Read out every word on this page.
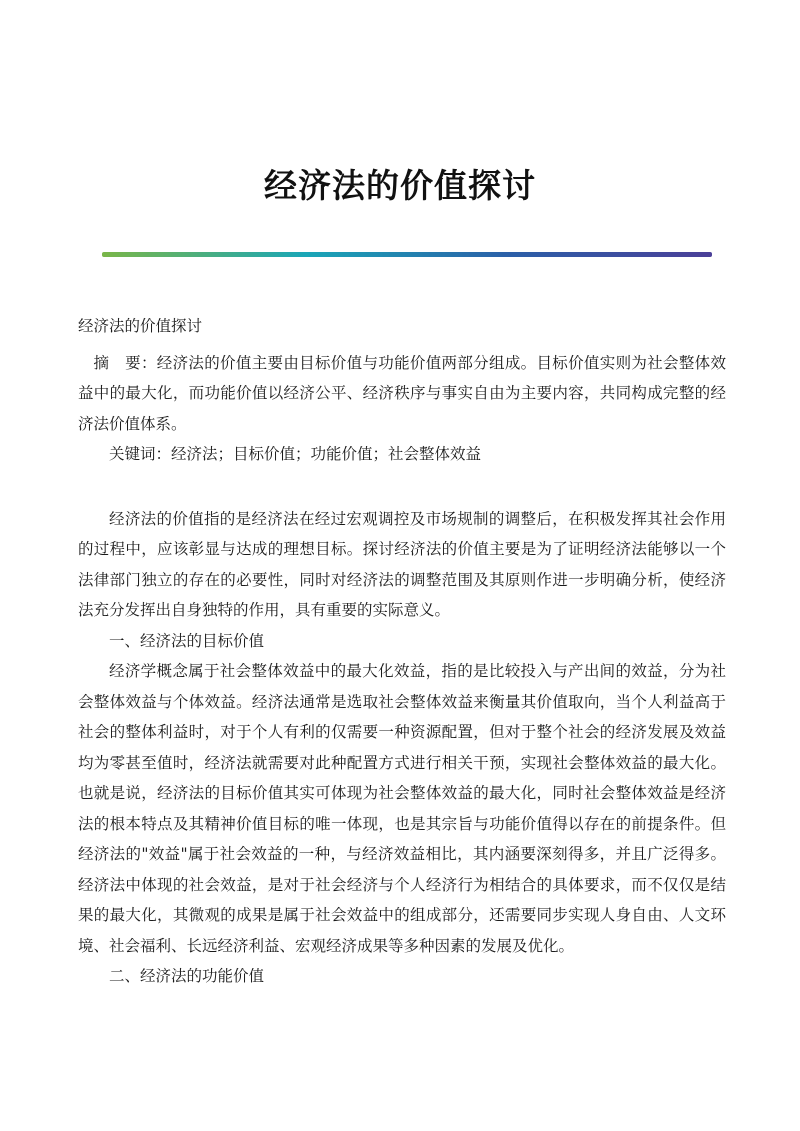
经济法的价值探讨

经济法的价值探讨

摘　要：经济法的价值主要由目标价值与功能价值两部分组成。目标价值实则为社会整体效益中的最大化，而功能价值以经济公平、经济秩序与事实自由为主要内容，共同构成完整的经济法价值体系。

关键词：经济法；目标价值；功能价值；社会整体效益

经济法的价值指的是经济法在经过宏观调控及市场规制的调整后，在积极发挥其社会作用的过程中，应该彰显与达成的理想目标。探讨经济法的价值主要是为了证明经济法能够以一个法律部门独立的存在的必要性，同时对经济法的调整范围及其原则作进一步明确分析，使经济法充分发挥出自身独特的作用，具有重要的实际意义。

一、经济法的目标价值

经济学概念属于社会整体效益中的最大化效益，指的是比较投入与产出间的效益，分为社会整体效益与个体效益。经济法通常是选取社会整体效益来衡量其价值取向，当个人利益高于社会的整体利益时，对于个人有利的仅需要一种资源配置，但对于整个社会的经济发展及效益均为零甚至值时，经济法就需要对此种配置方式进行相关干预，实现社会整体效益的最大化。也就是说，经济法的目标价值其实可体现为社会整体效益的最大化，同时社会整体效益是经济法的根本特点及其精神价值目标的唯一体现，也是其宗旨与功能价值得以存在的前提条件。但经济法的"效益"属于社会效益的一种，与经济效益相比，其内涵要深刻得多，并且广泛得多。经济法中体现的社会效益，是对于社会经济与个人经济行为相结合的具体要求，而不仅仅是结果的最大化，其微观的成果是属于社会效益中的组成部分，还需要同步实现人身自由、人文环境、社会福利、长远经济利益、宏观经济成果等多种因素的发展及优化。

二、经济法的功能价值
